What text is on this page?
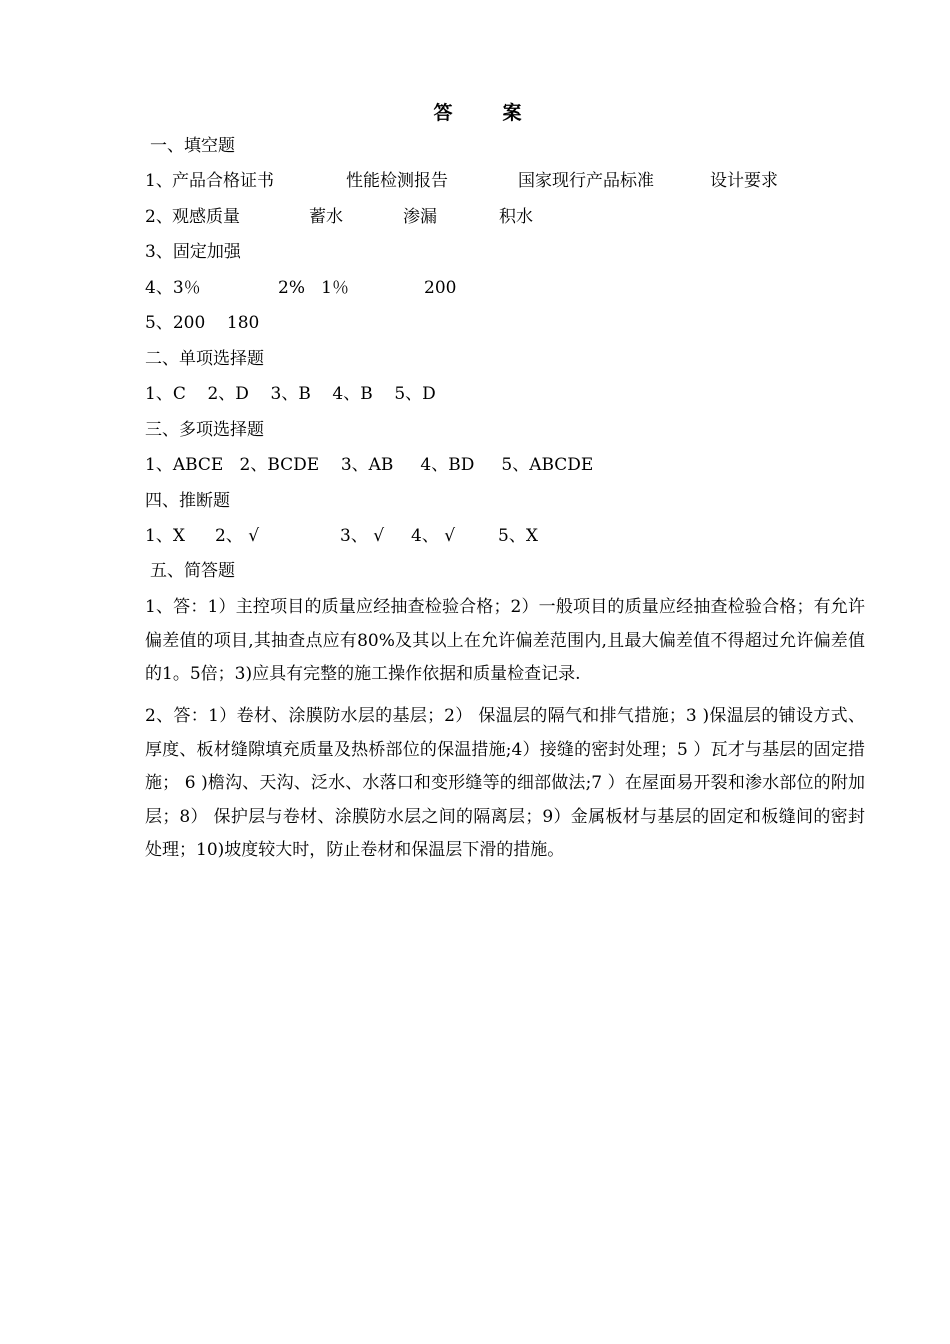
答案
一、填空题

1、

产品合格证书

	性能检测报告

	国家现行产品标准

	设计要求

2、

观感质量

	蓄水

	渗漏

	积水

3、固定加强

4、3％

	2%   1％

	200

5、200    180
二、单项选择题
1、C    2、D    3、B    4、B    5、D
三、多项选择题
1、ABCE   2、BCDE    3、AB     4、BD     5、ABCDE
四、推断题

1、X

2、 √

	3、 √

4、 √

	5、X

五、简答题
1、答：1）主控项目的质量应经抽查检验合格；2）一般项目的质量应经抽查检验合格；有允许偏差值的项目,其抽查点应有80%及其以上在允许偏差范围内,且最大偏差值不得超过允许偏差值的1。5倍；3)应具有完整的施工操作依据和质量检查记录.
2、答：1）卷材、涂膜防水层的基层；2） 保温层的隔气和排气措施；3 )保温层的铺设方式、厚度、板材缝隙填充质量及热桥部位的保温措施;4）接缝的密封处理；5 ）瓦才与基层的固定措施； 6 )檐沟、天沟、泛水、水落口和变形缝等的细部做法;7 ）在屋面易开裂和渗水部位的附加层；8） 保护层与卷材、涂膜防水层之间的隔离层；9）金属板材与基层的固定和板缝间的密封处理；10)坡度较大时，防止卷材和保温层下滑的措施。
